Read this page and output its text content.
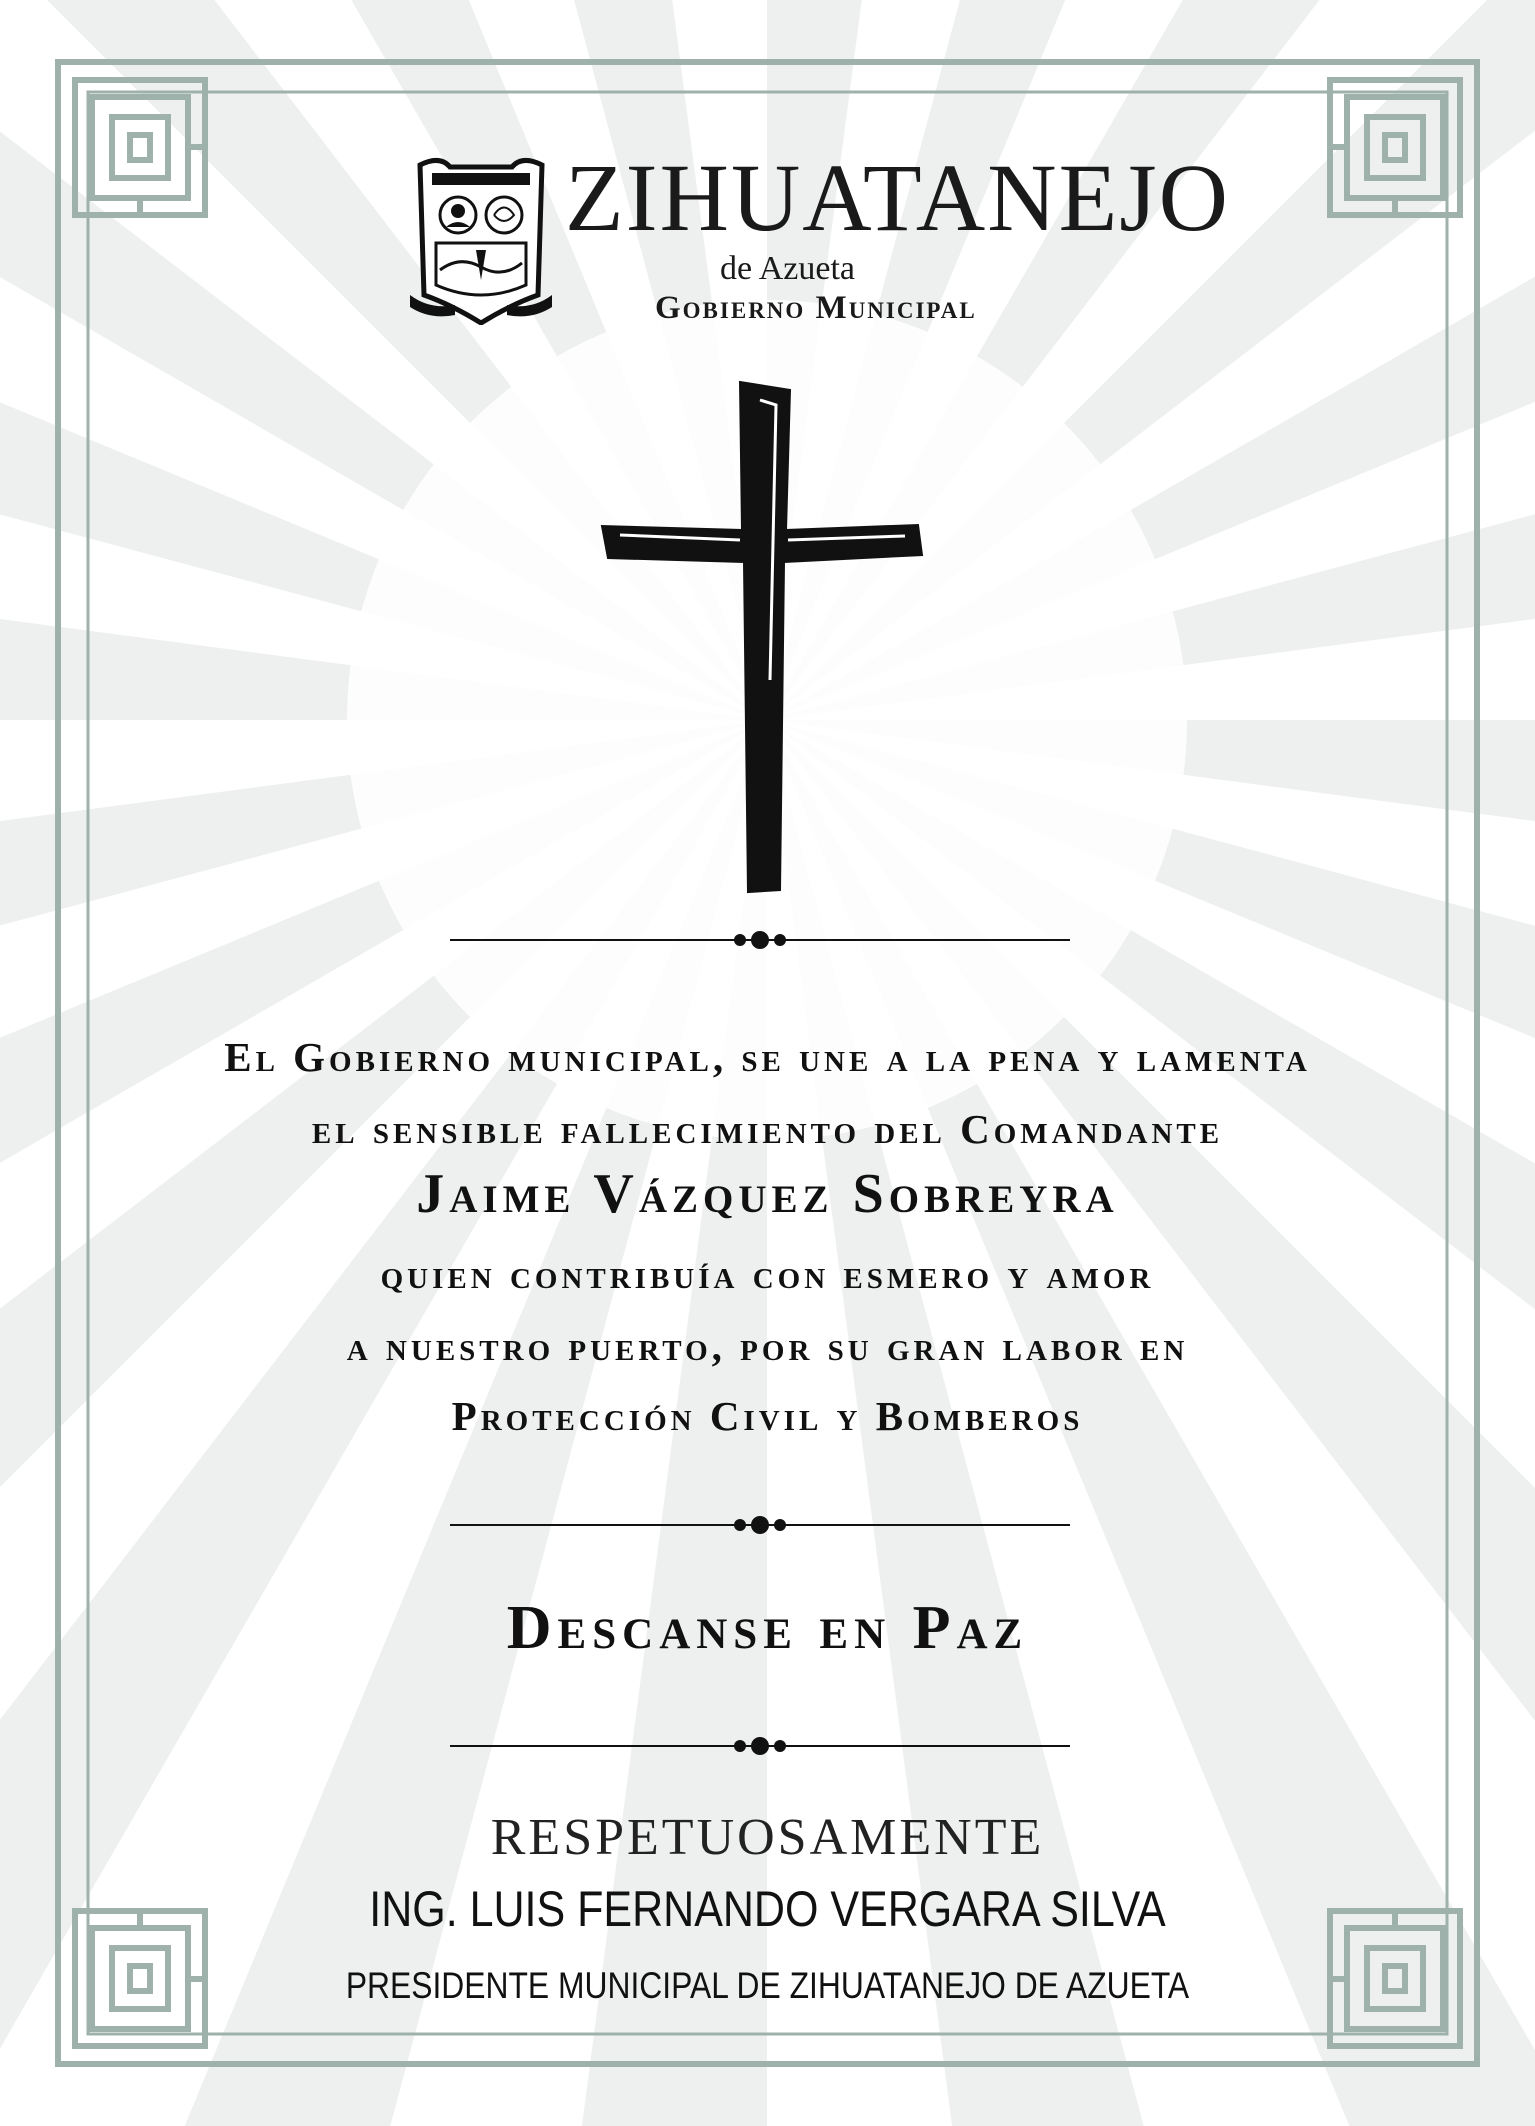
ZIHUATANEJO
de Azueta
Gobierno Municipal
El Gobierno municipal, se une a la pena y lamenta
el sensible fallecimiento del Comandante
Jaime Vázquez Sobreyra
quien contribuía con esmero y amor
a nuestro puerto, por su gran labor en
Protección Civil y Bomberos
Descanse en Paz
RESPETUOSAMENTE
ING. LUIS FERNANDO VERGARA SILVA
PRESIDENTE MUNICIPAL DE ZIHUATANEJO DE AZUETA
